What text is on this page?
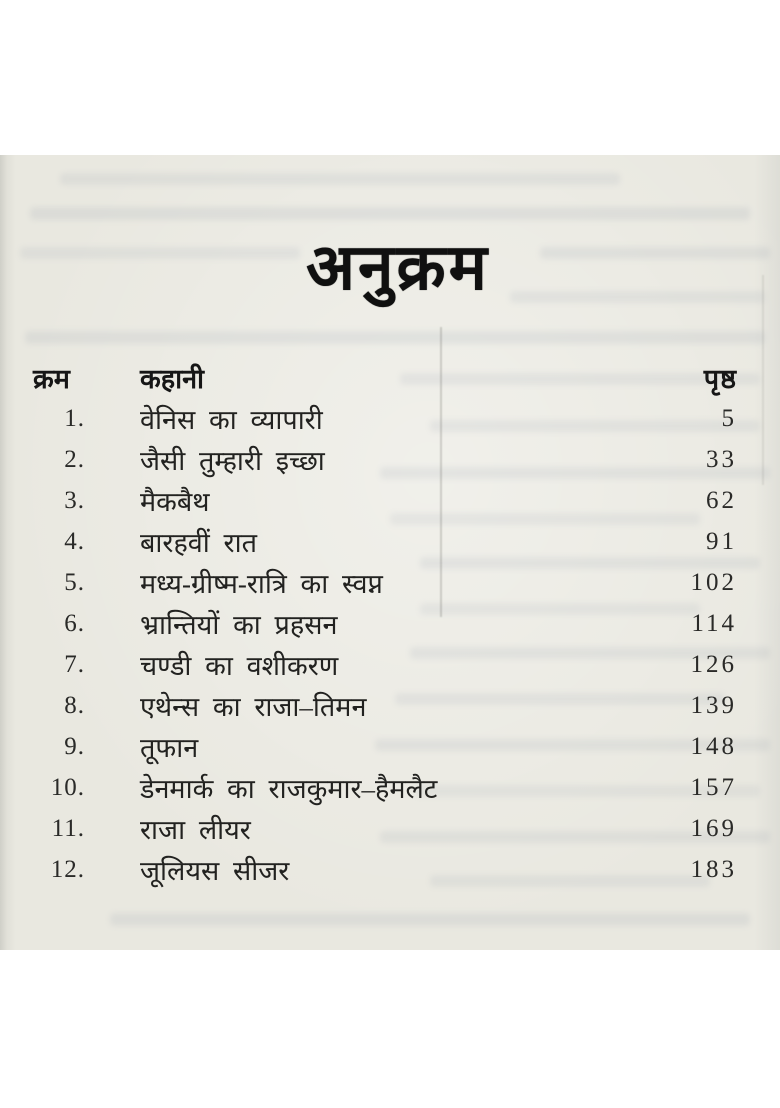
अनुक्रम
क्रम	कहानी	पृष्ठ
1.	वेनिस का व्यापारी	5
2.	जैसी तुम्हारी इच्छा	33
3.	मैकबैथ	62
4.	बारहवीं रात	91
5.	मध्य-ग्रीष्म-रात्रि का स्वप्न	102
6.	भ्रान्तियों का प्रहसन	114
7.	चण्डी का वशीकरण	126
8.	एथेन्स का राजा–तिमन	139
9.	तूफान	148
10.	डेनमार्क का राजकुमार–हैमलैट	157
11.	राजा लीयर	169
12.	जूलियस सीजर	183
